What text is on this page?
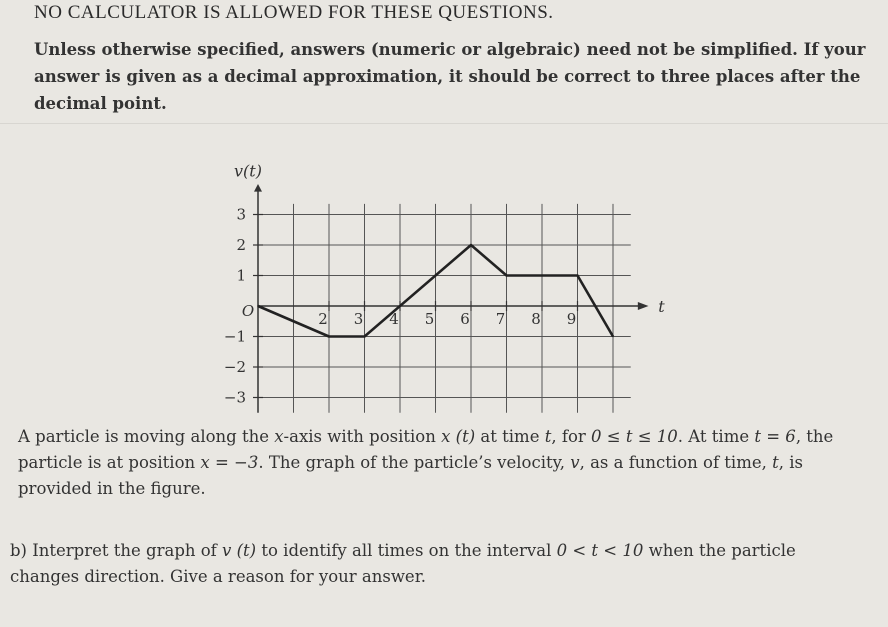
NO CALCULATOR IS ALLOWED FOR THESE QUESTIONS.
Unless otherwise specified, answers (numeric or algebraic) need not be simplified. If your answer is given as a decimal approximation, it should be correct to three places after the decimal point.
v(t)
t
O
3
2
1
−1
−2
−3
2 3 4 5 6 7 8 9
A particle is moving along the x-axis with position x (t) at time t, for 0 ≤ t ≤ 10. At time t = 6, the particle is at position x = −3. The graph of the particle’s velocity, v, as a function of time, t, is provided in the figure.
b) Interpret the graph of v (t) to identify all times on the interval 0 < t < 10 when the particle changes direction. Give a reason for your answer.
